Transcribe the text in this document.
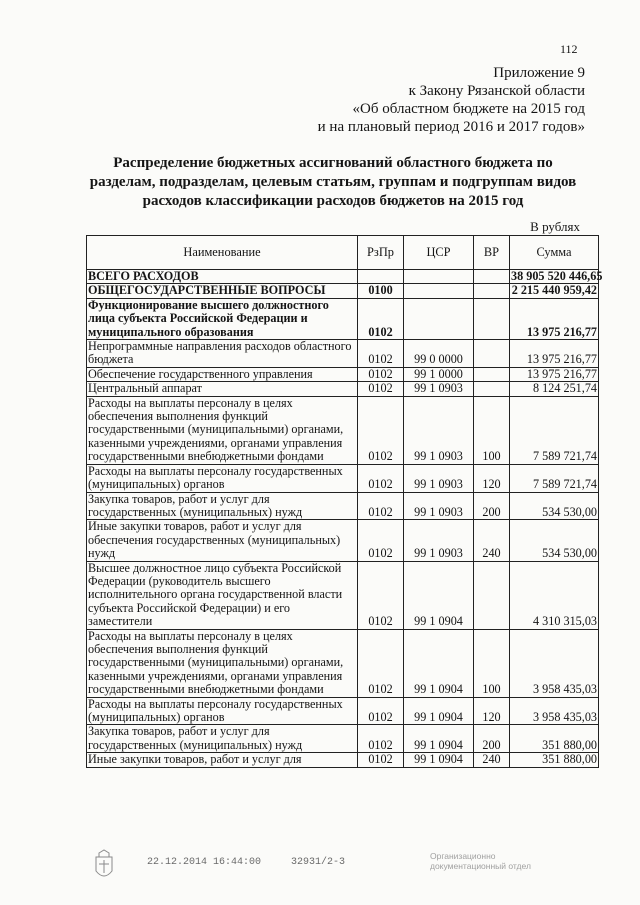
112
Приложение 9
к Закону Рязанской области
«Об областном бюджете на 2015 год
и на плановый период 2016 и 2017 годов»
Распределение бюджетных ассигнований областного бюджета по разделам, подразделам, целевым статьям, группам и подгруппам видов расходов классификации расходов бюджетов на 2015 год
В рублях
Наименование	РзПр	ЦСР	ВР	Сумма
ВСЕГО РАСХОДОВ				38 905 520 446,65
ОБЩЕГОСУДАРСТВЕННЫЕ ВОПРОСЫ	0100			2 215 440 959,42
Функционирование высшего должностного лица субъекта Российской Федерации и муниципального образования	0102			13 975 216,77
Непрограммные направления расходов областного бюджета	0102	99 0 0000		13 975 216,77
Обеспечение государственного управления	0102	99 1 0000		13 975 216,77
Центральный аппарат	0102	99 1 0903		8 124 251,74
Расходы на выплаты персоналу в целях обеспечения выполнения функций государственными (муниципальными) органами, казенными учреждениями, органами управления государственными внебюджетными фондами	0102	99 1 0903	100	7 589 721,74
Расходы на выплаты персоналу государственных (муниципальных) органов	0102	99 1 0903	120	7 589 721,74
Закупка товаров, работ и услуг для государственных (муниципальных) нужд	0102	99 1 0903	200	534 530,00
Иные закупки товаров, работ и услуг для обеспечения государственных (муниципальных) нужд	0102	99 1 0903	240	534 530,00
Высшее должностное лицо субъекта Российской Федерации (руководитель высшего исполнительного органа государственной власти субъекта Российской Федерации) и его заместители	0102	99 1 0904		4 310 315,03
Расходы на выплаты персоналу в целях обеспечения выполнения функций государственными (муниципальными) органами, казенными учреждениями, органами управления государственными внебюджетными фондами	0102	99 1 0904	100	3 958 435,03
Расходы на выплаты персоналу государственных (муниципальных) органов	0102	99 1 0904	120	3 958 435,03
Закупка товаров, работ и услуг для государственных (муниципальных) нужд	0102	99 1 0904	200	351 880,00
Иные закупки товаров, работ и услуг для	0102	99 1 0904	240	351 880,00
22.12.2014 16:44:00	32931/2-3
Организационно
документационный отдел
